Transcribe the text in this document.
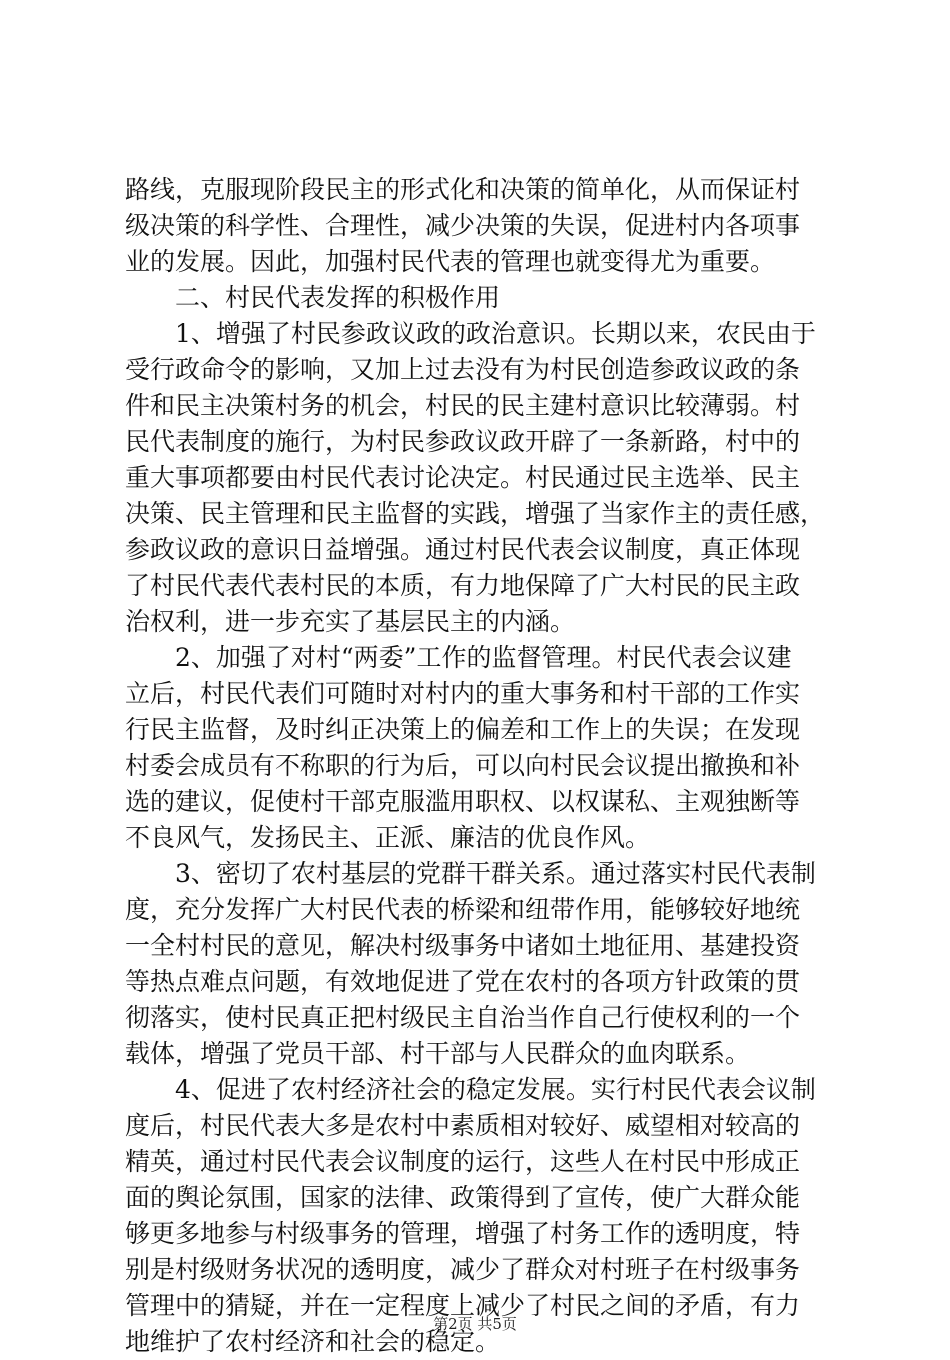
路线，克服现阶段民主的形式化和决策的简单化，从而保证村
级决策的科学性、合理性，减少决策的失误，促进村内各项事
业的发展。因此，加强村民代表的管理也就变得尤为重要。
　　二、村民代表发挥的积极作用
　　1、增强了村民参政议政的政治意识。长期以来，农民由于
受行政命令的影响，又加上过去没有为村民创造参政议政的条
件和民主决策村务的机会，村民的民主建村意识比较薄弱。村
民代表制度的施行，为村民参政议政开辟了一条新路，村中的
重大事项都要由村民代表讨论决定。村民通过民主选举、民主
决策、民主管理和民主监督的实践，增强了当家作主的责任感，
参政议政的意识日益增强。通过村民代表会议制度，真正体现
了村民代表代表村民的本质，有力地保障了广大村民的民主政
治权利，进一步充实了基层民主的内涵。
　　2、加强了对村“两委”工作的监督管理。村民代表会议建
立后，村民代表们可随时对村内的重大事务和村干部的工作实
行民主监督，及时纠正决策上的偏差和工作上的失误；在发现
村委会成员有不称职的行为后，可以向村民会议提出撤换和补
选的建议，促使村干部克服滥用职权、以权谋私、主观独断等
不良风气，发扬民主、正派、廉洁的优良作风。
　　3、密切了农村基层的党群干群关系。通过落实村民代表制
度，充分发挥广大村民代表的桥梁和纽带作用，能够较好地统
一全村村民的意见，解决村级事务中诸如土地征用、基建投资
等热点难点问题，有效地促进了党在农村的各项方针政策的贯
彻落实，使村民真正把村级民主自治当作自己行使权利的一个
载体，增强了党员干部、村干部与人民群众的血肉联系。
　　4、促进了农村经济社会的稳定发展。实行村民代表会议制
度后，村民代表大多是农村中素质相对较好、威望相对较高的
精英，通过村民代表会议制度的运行，这些人在村民中形成正
面的舆论氛围，国家的法律、政策得到了宣传，使广大群众能
够更多地参与村级事务的管理，增强了村务工作的透明度，特
别是村级财务状况的透明度，减少了群众对村班子在村级事务
管理中的猜疑，并在一定程度上减少了村民之间的矛盾，有力
地维护了农村经济和社会的稳定。
第2页 共5页
